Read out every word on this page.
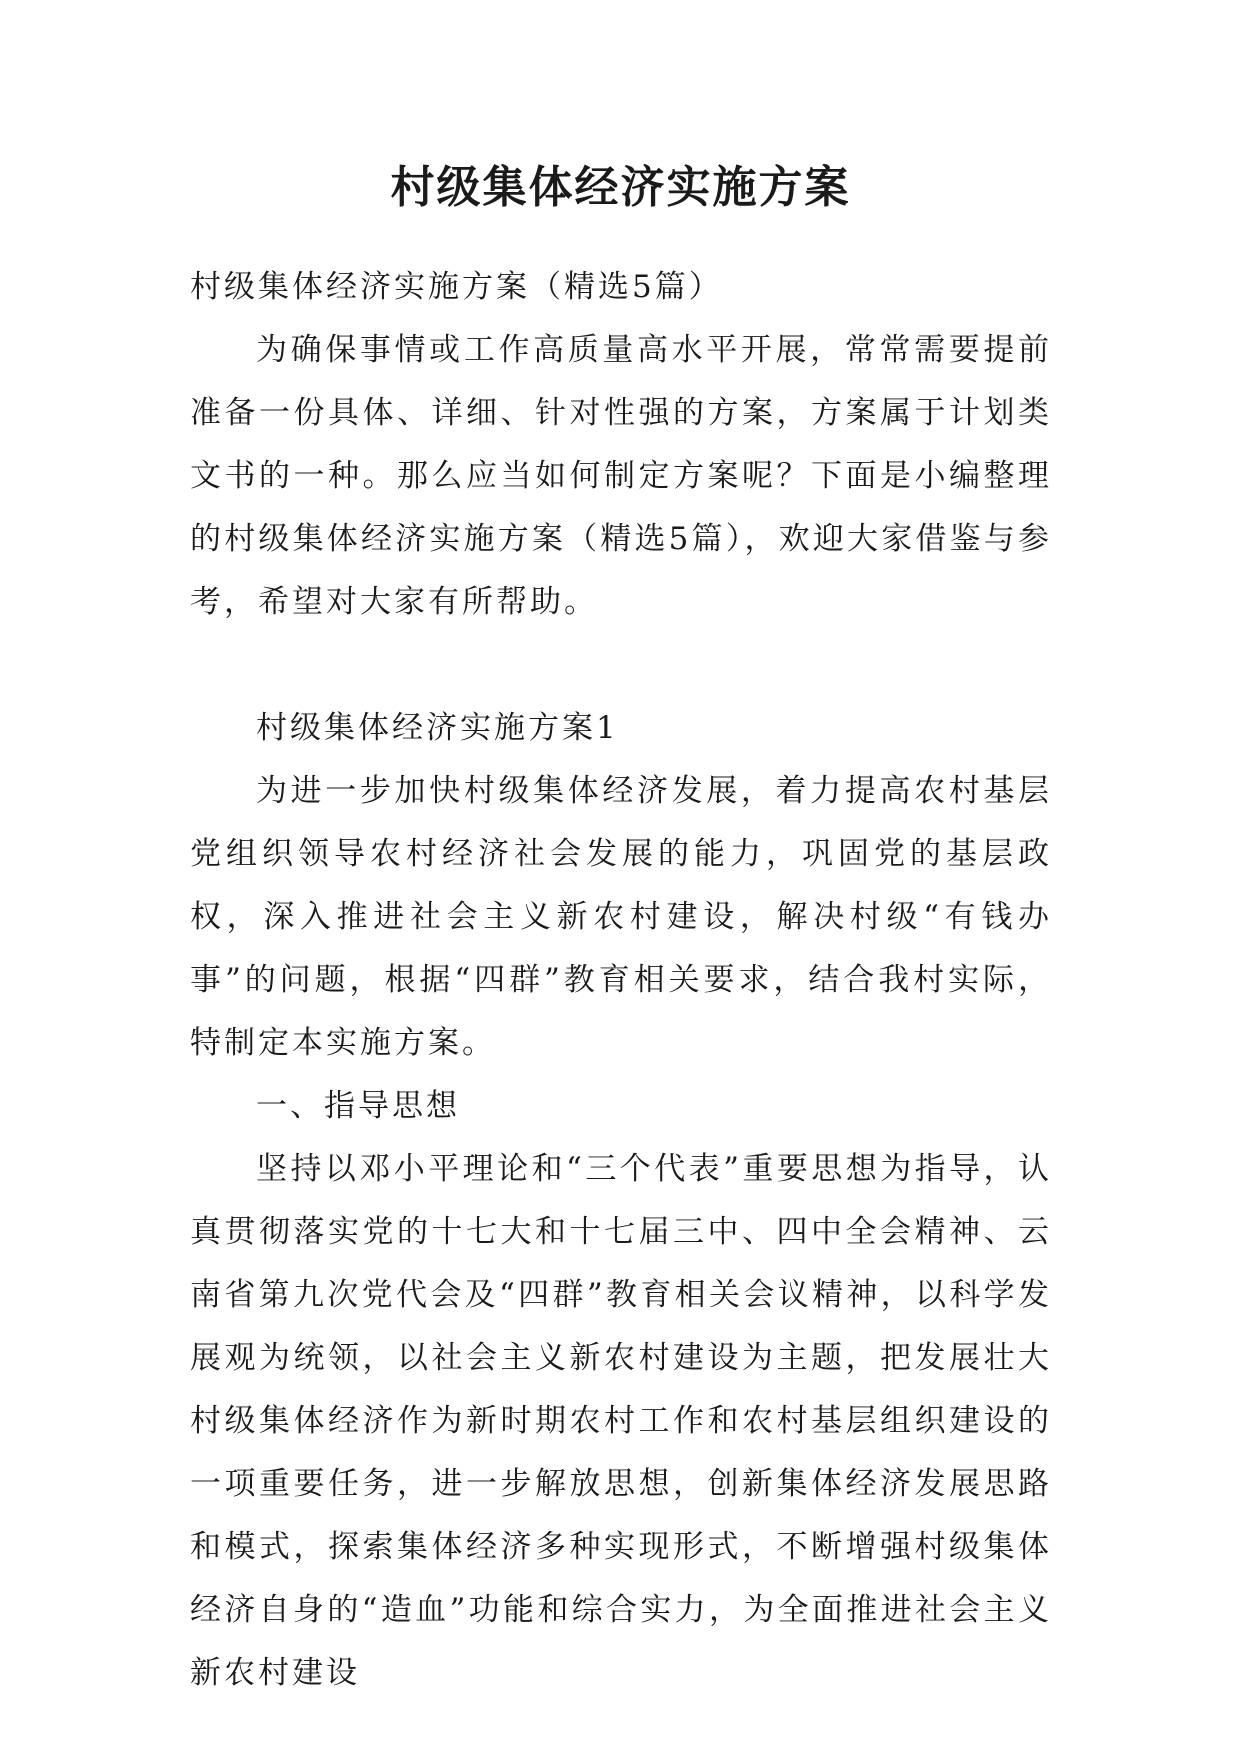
村级集体经济实施方案

村级集体经济实施方案（精选5篇）

为确保事情或工作高质量高水平开展，常常需要提前准备一份具体、详细、针对性强的方案，方案属于计划类文书的一种。那么应当如何制定方案呢？下面是小编整理的村级集体经济实施方案（精选5篇），欢迎大家借鉴与参考，希望对大家有所帮助。

村级集体经济实施方案1

为进一步加快村级集体经济发展，着力提高农村基层党组织领导农村经济社会发展的能力，巩固党的基层政权，深入推进社会主义新农村建设，解决村级“有钱办事”的问题，根据“四群”教育相关要求，结合我村实际，特制定本实施方案。

一、指导思想

坚持以邓小平理论和“三个代表”重要思想为指导，认真贯彻落实党的十七大和十七届三中、四中全会精神、云南省第九次党代会及“四群”教育相关会议精神，以科学发展观为统领，以社会主义新农村建设为主题，把发展壮大村级集体经济作为新时期农村工作和农村基层组织建设的一项重要任务，进一步解放思想，创新集体经济发展思路和模式，探索集体经济多种实现形式，不断增强村级集体经济自身的“造血”功能和综合实力，为全面推进社会主义新农村建设
